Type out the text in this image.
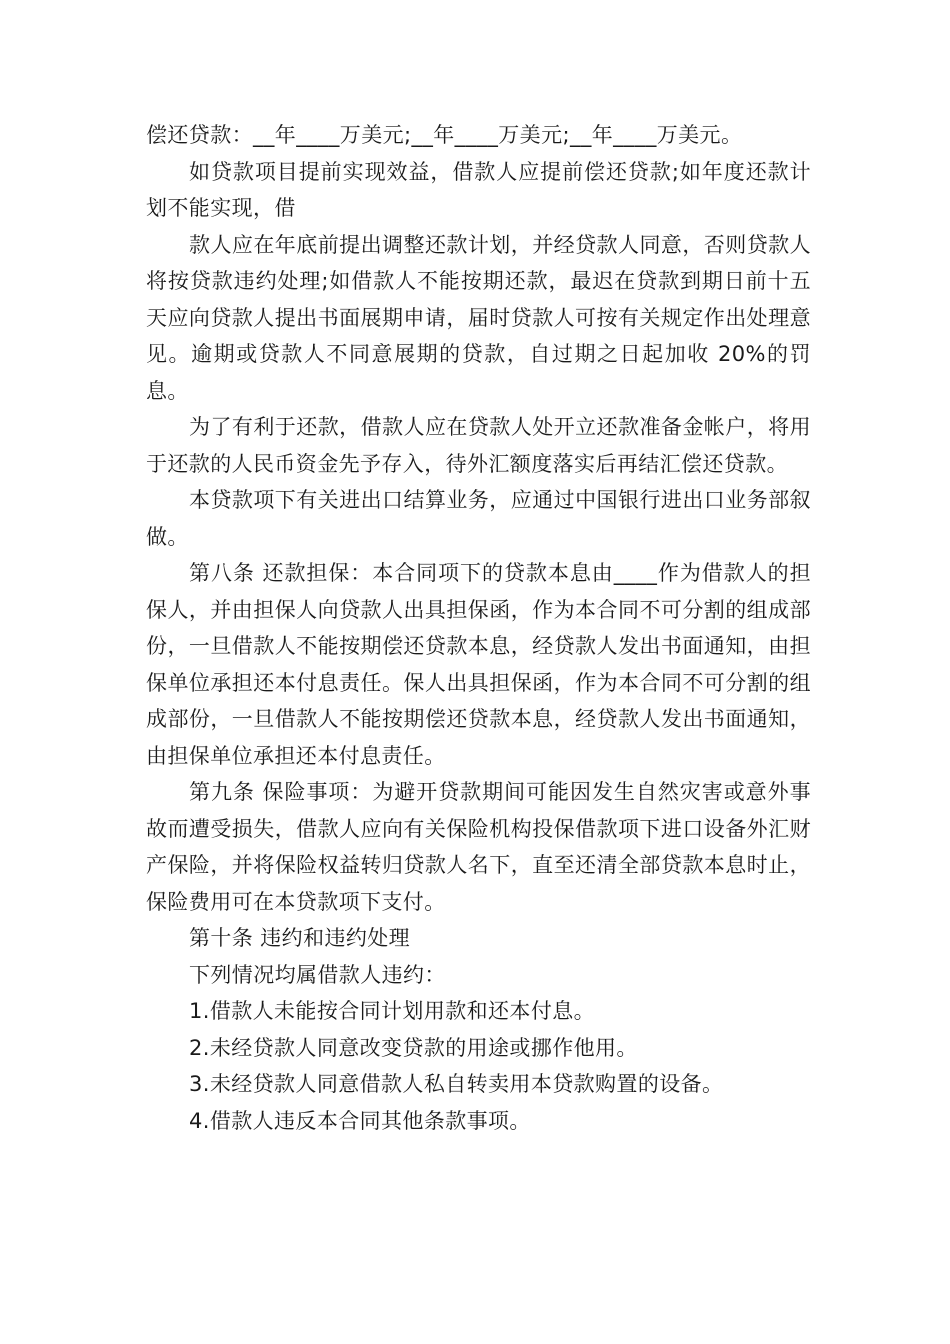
偿还贷款：__年____万美元;__年____万美元;__年____万美元。

如贷款项目提前实现效益，借款人应提前偿还贷款;如年度还款计划不能实现，借

款人应在年底前提出调整还款计划，并经贷款人同意，否则贷款人将按贷款违约处理;如借款人不能按期还款，最迟在贷款到期日前十五天应向贷款人提出书面展期申请，届时贷款人可按有关规定作出处理意见。逾期或贷款人不同意展期的贷款，自过期之日起加收 20%的罚息。

为了有利于还款，借款人应在贷款人处开立还款准备金帐户，将用于还款的人民币资金先予存入，待外汇额度落实后再结汇偿还贷款。

本贷款项下有关进出口结算业务，应通过中国银行进出口业务部叙做。

第八条 还款担保：本合同项下的贷款本息由____作为借款人的担保人，并由担保人向贷款人出具担保函，作为本合同不可分割的组成部份，一旦借款人不能按期偿还贷款本息，经贷款人发出书面通知，由担保单位承担还本付息责任。保人出具担保函，作为本合同不可分割的组成部份，一旦借款人不能按期偿还贷款本息，经贷款人发出书面通知，由担保单位承担还本付息责任。

第九条 保险事项：为避开贷款期间可能因发生自然灾害或意外事故而遭受损失，借款人应向有关保险机构投保借款项下进口设备外汇财产保险，并将保险权益转归贷款人名下，直至还清全部贷款本息时止，保险费用可在本贷款项下支付。

第十条 违约和违约处理

下列情况均属借款人违约：

1.借款人未能按合同计划用款和还本付息。

2.未经贷款人同意改变贷款的用途或挪作他用。

3.未经贷款人同意借款人私自转卖用本贷款购置的设备。

4.借款人违反本合同其他条款事项。
